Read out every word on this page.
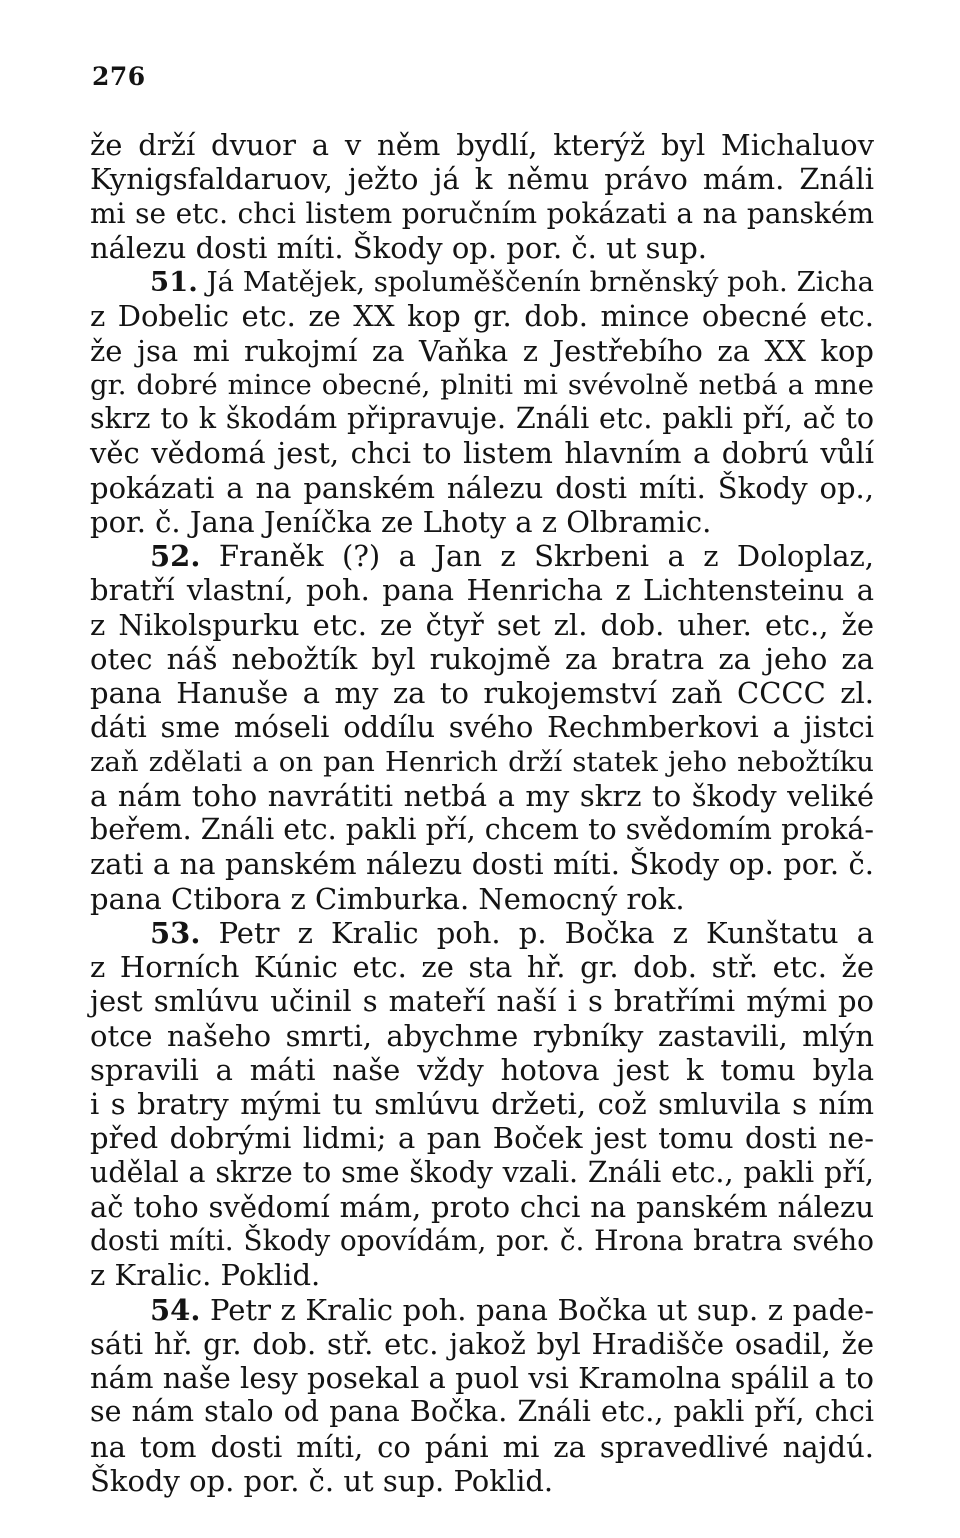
276
že drží dvuor a v něm bydlí, kterýž byl Michaluov
Kynigsfaldaruov, ježto já k němu právo mám. Ználi
mi se etc. chci listem poručním pokázati a na panském
nálezu dosti míti. Škody op. por. č. ut sup.
51. Já Matějek, spoluměščenín brněnský poh. Zicha
z Dobelic etc. ze XX kop gr. dob. mince obecné etc.
že jsa mi rukojmí za Vaňka z Jestřebího za XX kop
gr. dobré mince obecné, plniti mi svévolně netbá a mne
skrz to k škodám připravuje. Ználi etc. pakli pří, ač to
věc vědomá jest, chci to listem hlavním a dobrú vůlí
pokázati a na panském nálezu dosti míti. Škody op.,
por. č. Jana Jeníčka ze Lhoty a z Olbramic.
52. Franěk (?) a Jan z Skrbeni a z Doloplaz,
bratří vlastní, poh. pana Henricha z Lichtensteinu a
z Nikolspurku etc. ze čtyř set zl. dob. uher. etc., že
otec náš nebožtík byl rukojmě za bratra za jeho za
pana Hanuše a my za to rukojemství zaň CCCC zl.
dáti sme móseli oddílu svého Rechmberkovi a jistci
zaň zdělati a on pan Henrich drží statek jeho nebožtíku
a nám toho navrátiti netbá a my skrz to škody veliké
beřem. Ználi etc. pakli pří, chcem to svědomím proká-
zati a na panském nálezu dosti míti. Škody op. por. č.
pana Ctibora z Cimburka. Nemocný rok.
53. Petr z Kralic poh. p. Bočka z Kunštatu a
z Horních Kúnic etc. ze sta hř. gr. dob. stř. etc. že
jest smlúvu učinil s mateří naší i s bratřími mými po
otce našeho smrti, abychme rybníky zastavili, mlýn
spravili a máti naše vždy hotova jest k tomu byla
i s bratry mými tu smlúvu držeti, což smluvila s ním
před dobrými lidmi; a pan Boček jest tomu dosti ne-
udělal a skrze to sme škody vzali. Ználi etc., pakli pří,
ač toho svědomí mám, proto chci na panském nálezu
dosti míti. Škody opovídám, por. č. Hrona bratra svého
z Kralic. Poklid.
54. Petr z Kralic poh. pana Bočka ut sup. z pade-
sáti hř. gr. dob. stř. etc. jakož byl Hradišče osadil, že
nám naše lesy posekal a puol vsi Kramolna spálil a to
se nám stalo od pana Bočka. Ználi etc., pakli pří, chci
na tom dosti míti, co páni mi za spravedlivé najdú.
Škody op. por. č. ut sup. Poklid.
